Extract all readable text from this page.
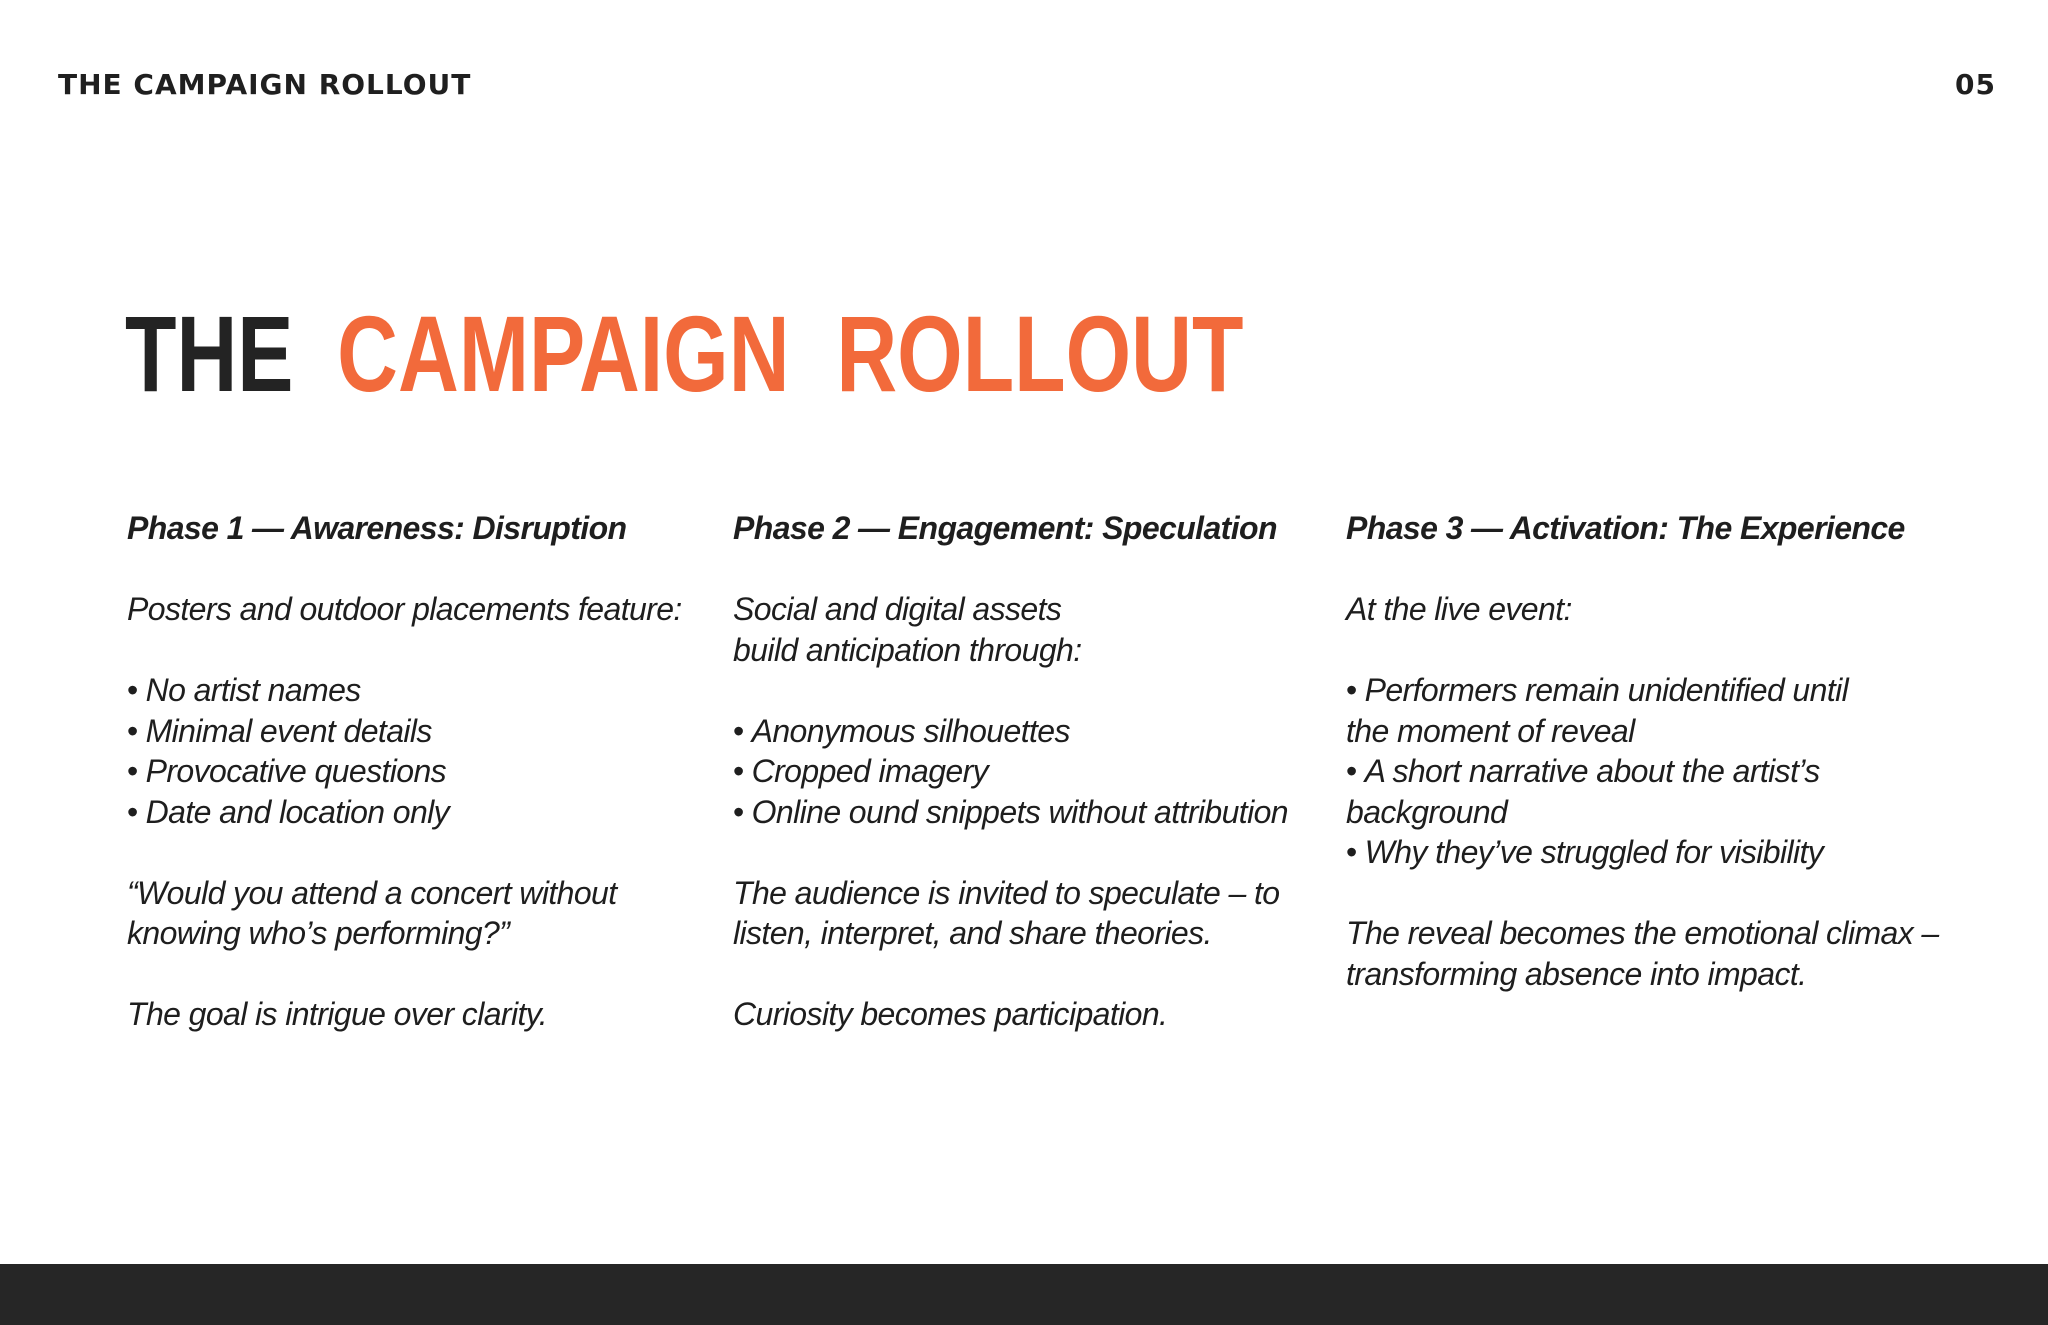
THE CAMPAIGN ROLLOUT	05
THE CAMPAIGN ROLLOUT

Phase 1 — Awareness: Disruption

Posters and outdoor placements feature:

• No artist names
• Minimal event details
• Provocative questions
• Date and location only

“Would you attend a concert without knowing who’s performing?”

The goal is intrigue over clarity.

Phase 2 — Engagement: Speculation

Social and digital assets build anticipation through:

• Anonymous silhouettes
• Cropped imagery
• Online ound snippets without attribution

The audience is invited to speculate – to listen, interpret, and share theories.

Curiosity becomes participation.

Phase 3 — Activation: The Experience

At the live event:

• Performers remain unidentified until the moment of reveal
• A short narrative about the artist’s background
• Why they’ve struggled for visibility

The reveal becomes the emotional climax – transforming absence into impact.
